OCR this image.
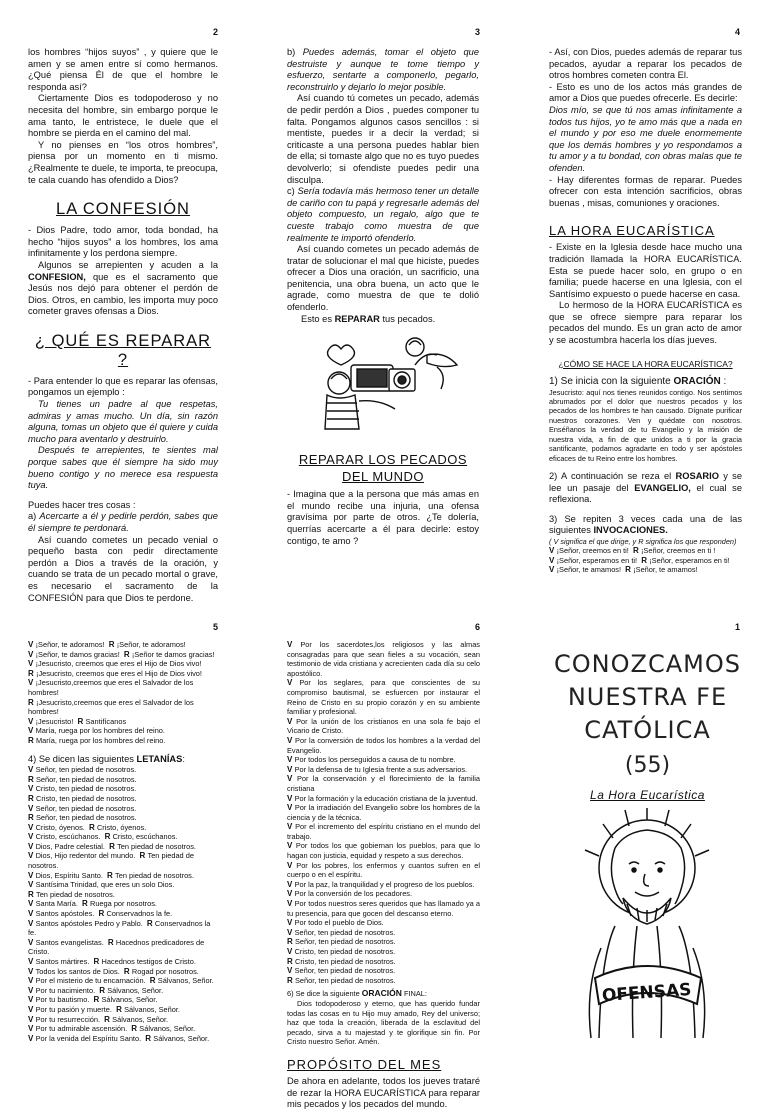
2	3	4
5	6	1

los hombres “hijos suyos” , y quiere que le amen y se amen entre sí como hermanos. ¿Qué piensa Él de que el hombre le responda así?

Ciertamente Dios es todopoderoso y no necesita del hombre, sin embargo porque le ama tanto, le entristece, le duele que el hombre se pierda en el camino del mal.

Y no pienses en “los otros hombres”, piensa por un momento en ti mismo. ¿Realmente te duele, te importa, te preocupa, te cala cuando has ofendido a Dios?

LA CONFESIÓN

- Dios Padre, todo amor, toda bondad, ha hecho “hijos suyos” a los hombres, los ama infinitamente y los perdona siempre.

Algunos se arrepienten y acuden a la CONFESION, que es el sacramento que Jesús nos dejó para obtener el perdón de Dios. Otros, en cambio, les importa muy poco cometer graves ofensas a Dios.

¿ QUÉ ES REPARAR ?

- Para entender lo que es reparar las ofensas, pongamos un ejemplo :

Tu tienes un padre al que respetas, admiras y amas mucho. Un día, sin razón alguna, tomas un objeto que él quiere y cuida mucho para aventarlo y destruirlo.

Después te arrepientes, te sientes mal porque sabes que él siempre ha sido muy bueno contigo y no merece esa respuesta tuya.

Puedes hacer tres cosas :

a) Acercarte a él y pedirle perdón, sabes que él siempre te perdonará.

Así cuando cometes un pecado venial o pequeño basta con pedir directamente perdón a Dios a través de la oración, y cuando se trata de un pecado mortal o grave, es necesario el sacramento de la CONFESIÓN para que Dios te perdone.

b) Puedes además, tomar el objeto que destruiste y aunque te tome tiempo y esfuerzo, sentarte a componerlo, pegarlo, reconstruirlo y dejarlo lo mejor posible.

Así cuando tú cometes un pecado, además de pedir perdón a Dios , puedes componer tu falta. Pongamos algunos casos sencillos : si mentiste, puedes ir a decir la verdad; si criticaste a una persona puedes hablar bien de ella; si tomaste algo que no es tuyo puedes devolverlo; si ofendiste puedes pedir una disculpa.

c) Sería todavía más hermoso tener un detalle de cariño con tu papá y regresarle además del objeto compuesto, un regalo, algo que te cueste trabajo como muestra de que realmente te importó ofenderlo.

Así cuando cometes un pecado además de tratar de solucionar el mal que hiciste, puedes ofrecer a Dios una oración, un sacrificio, una penitencia, una obra buena, un acto que le agrade, como muestra de que te dolió ofenderlo.

Esto es REPARAR tus pecados.

REPARAR LOS PECADOS DEL MUNDO

- Imagina que a la persona que más amas en el mundo recibe una injuria, una ofensa gravísima por parte de otros. ¿Te dolería, querrías acercarte a él para decirle: estoy contigo, te amo ?

- Así, con Dios, puedes además de reparar tus pecados, ayudar a reparar los pecados de otros hombres cometen contra El.

- Esto es uno de los actos más grandes de amor a Dios que puedes ofrecerle. Es decirle:

Dios mío, se que tú nos amas infinitamente a todos tus hijos, yo te amo más que a nada en el mundo y por eso me duele enormemente que los demás hombres y yo respondamos a tu amor y a tu bondad, con obras malas que te ofenden.

- Hay diferentes formas de reparar. Puedes ofrecer con esta intención sacrificios, obras buenas , misas, comuniones y oraciones.

LA HORA EUCARÍSTICA

- Existe en la Iglesia desde hace mucho una tradición llamada la HORA EUCARÍSTICA. Esta se puede hacer solo, en grupo o en familia; puede hacerse en una Iglesia, con el Santísimo expuesto o puede hacerse en casa.

Lo hermoso de la HORA EUCARÍSTICA es que se ofrece siempre para reparar los pecados del mundo. Es un gran acto de amor y se acostumbra hacerla los días jueves.

¿CÓMO SE HACE LA HORA EUCARÍSTICA?

1) Se inicia con la siguiente ORACIÓN :

Jesucristo: aquí nos tienes reunidos contigo. Nos sentimos abrumados por el dolor que nuestros pecados y los pecados de los hombres te han causado. Dígnate purificar nuestros corazones. Ven y quédate con nosotros. Enséñanos la verdad de tu Evangelio y la misión de nuestra vida, a fin de que unidos a ti por la gracia santificante, podamos agradarte en todo y ser apóstoles eficaces de tu Reino entre los hombres.

2) A continuación se reza el ROSARIO y se lee un pasaje del EVANGELIO, el cual se reflexiona.

3) Se repiten 3 veces cada una de las siguientes INVOCACIONES.

( V significa el que dirige, y R significa los que responden)

V ¡Señor, creemos en ti! R ¡Señor, creemos en ti !

V ¡Señor, esperamos en ti! R ¡Señor, esperamos en ti!

V ¡Señor, te amamos! R ¡Señor, te amamos!

V ¡Señor, te adoramos! R ¡Señor, te adoramos!

V ¡Señor, te damos gracias! R ¡Señor te damos gracias!

V ¡Jesucristo, creemos que eres el Hijo de Dios vivo!

R ¡Jesucristo, creemos que eres el Hijo de Dios vivo!

V ¡Jesucristo,creemos que eres el Salvador de los hombres!

R ¡Jesucristo,creemos que eres el Salvador de los hombres!

V ¡Jesucristo! R Santifícanos

V María, ruega por los hombres del reino.

R María, ruega por los hombres del reino.

4) Se dicen las siguientes LETANÍAS:

V Señor, ten piedad de nosotros.

R Señor, ten piedad de nosotros.

V Cristo, ten piedad de nosotros.

R Cristo, ten piedad de nosotros.

V Señor, ten piedad de nosotros.

R Señor, ten piedad de nosotros.

V Cristo, óyenos. R Cristo, óyenos.

V Cristo, escúchanos. R Cristo, escúchanos.

V Dios, Padre celestial. R Ten piedad de nosotros.

V Dios, Hijo redentor del mundo. R Ten piedad de nosotros.

V Dios, Espíritu Santo. R Ten piedad de nosotros.

V Santísima Trinidad, que eres un solo Dios.

R Ten piedad de nosotros.

V Santa María. R Ruega por nosotros.

V Santos apóstoles. R Conservadnos la fe.

V Santos apóstoles Pedro y Pablo. R Conservadnos la fe.

V Santos evangelistas. R Hacednos predicadores de Cristo.

V Santos mártires. R Hacednos testigos de Cristo.

V Todos los santos de Dios. R Rogad por nosotros.

V Por el misterio de tu encarnación. R Sálvanos, Señor.

V Por tu nacimiento. R Sálvanos, Señor.

V Por tu bautismo. R Sálvanos, Señor.

V Por tu pasión y muerte. R Sálvanos, Señor.

V Por tu resurrección. R Sálvanos, Señor.

V Por tu admirable ascensión. R Sálvanos, Señor.

V Por la venida del Espíritu Santo. R Sálvanos, Señor.

V Por los sacerdotes,los religiosos y las almas consagradas para que sean fieles a su vocación, sean testimonio de vida cristiana y acrecienten cada día su celo apostólico.

V Por los seglares, para que conscientes de su compromiso bautismal, se esfuercen por instaurar el Reino de Cristo en su propio corazón y en su ambiente familiar y profesional.

V Por la unión de los cristianos en una sola fe bajo el Vicario de Cristo.

V Por la conversión de todos los hombres a la verdad del Evangelio.

V Por todos los perseguidos a causa de tu nombre.

V Por la defensa de tu Iglesia frente a sus adversarios.

V Por la conservación y el florecimiento de la familia cristiana

V Por la formación y la educación cristiana de la juventud.

V Por la irradiación del Evangelio sobre los hombres de la ciencia y de la técnica.

V Por el incremento del espíritu cristiano en el mundo del trabajo.

V Por todos los que gobiernan los pueblos, para que lo hagan con justicia, equidad y respeto a sus derechos.

V Por los pobres, los enfermos y cuantos sufren en el cuerpo o en el espíritu.

V Por la paz, la tranquilidad y el progreso de los pueblos.

V Por la conversión de los pecadores.

V Por todos nuestros seres queridos que has llamado ya a tu presencia, para que gocen del descanso eterno.

V Por todo el pueblo de Dios.

V Señor, ten piedad de nosotros.

R Señor, ten piedad de nosotros.

V Cristo, ten piedad de nosotros.

R Cristo, ten piedad de nosotros.

V Señor, ten piedad de nosotros.

R Señor, ten piedad de nosotros.

6) Se dice la siguiente ORACIÓN FINAL:

Dios todopoderoso y eterno, que has querido fundar todas las cosas en tu Hijo muy amado, Rey del universo; haz que toda la creación, liberada de la esclavitud del pecado, sirva a tu majestad y te glorifique sin fin. Por Cristo nuestro Señor. Amén.

PROPÓSITO DEL MES

De ahora en adelante, todos los jueves trataré de rezar la HORA EUCARÍSTICA para reparar mis pecados y los pecados del mundo.

CONOZCAMOS
NUESTRA FE
CATÓLICA
(55)
La Hora Eucarística
OFENSAS
